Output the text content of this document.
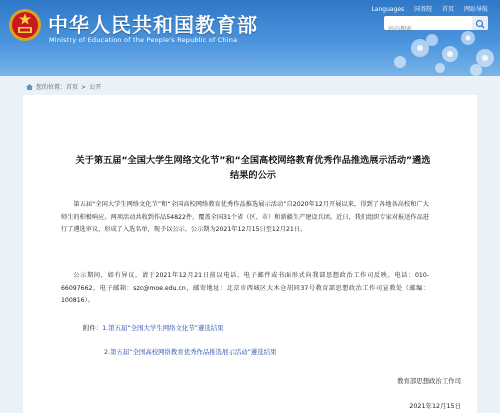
中华人民共和国教育部
Ministry of Education of the People's Republic of China
Languages 国务院 首页 网站导航
站内搜索
您的位置：首页 > 公开
关于第五届“全国大学生网络文化节”和“全国高校网络教育优秀作品推选展示活动”遴选结果的公示
第五届“全国大学生网络文化节”和“全国高校网络教育优秀作品推选展示活动”自2020年12月开展以来，得到了各地各高校和广大师生的积极响应。两项活动共收到作品54822件，覆盖全国31个省（区、市）和新疆生产建设兵团。近日，我们组织专家对报送作品进行了遴选审议，形成了入选名单，现予以公示。公示期为2021年12月15日至12月21日。
公示期间，如有异议，请于2021年12月21日前以电话、电子邮件或书面形式向我部思想政治工作司反映。电话：010-66097662，电子邮箱：szc@moe.edu.cn，邮寄地址：北京市西城区大木仓胡同37号教育部思想政治工作司宣教处（邮编：100816）。
附件：1.第五届“全国大学生网络文化节”遴选结果
2.第五届“全国高校网络教育优秀作品推选展示活动”遴选结果
教育部思想政治工作司
2021年12月15日
